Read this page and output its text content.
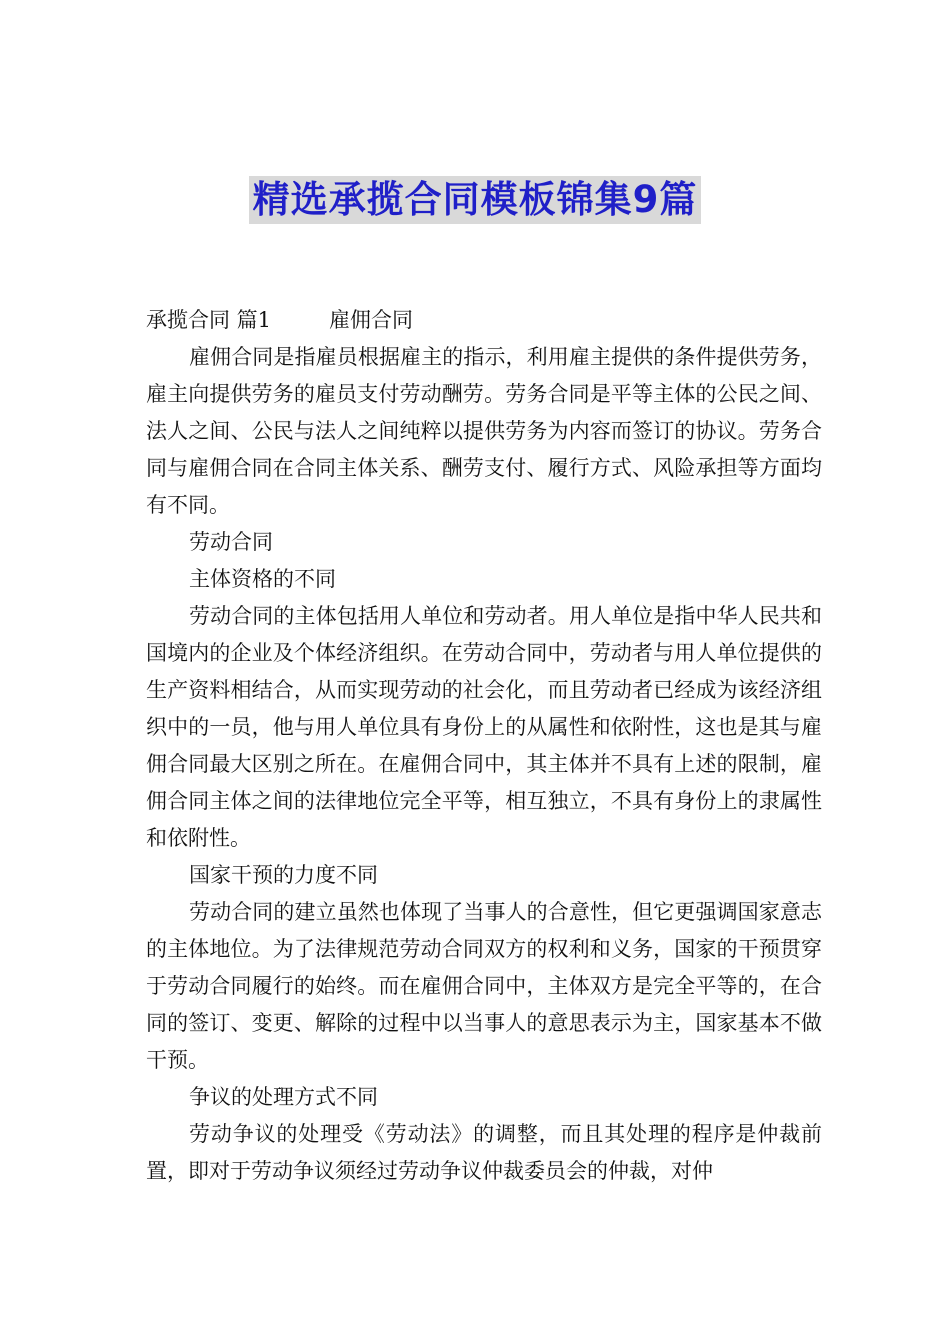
精选承揽合同模板锦集9篇

承揽合同 篇1	雇佣合同

雇佣合同是指雇员根据雇主的指示，利用雇主提供的条件提供劳务，雇主向提供劳务的雇员支付劳动酬劳。劳务合同是平等主体的公民之间、法人之间、公民与法人之间纯粹以提供劳务为内容而签订的协议。劳务合同与雇佣合同在合同主体关系、酬劳支付、履行方式、风险承担等方面均有不同。

劳动合同

主体资格的不同

劳动合同的主体包括用人单位和劳动者。用人单位是指中华人民共和国境内的企业及个体经济组织。在劳动合同中，劳动者与用人单位提供的生产资料相结合，从而实现劳动的社会化，而且劳动者已经成为该经济组织中的一员，他与用人单位具有身份上的从属性和依附性，这也是其与雇佣合同最大区别之所在。在雇佣合同中，其主体并不具有上述的限制，雇佣合同主体之间的法律地位完全平等，相互独立，不具有身份上的隶属性和依附性。

国家干预的力度不同

劳动合同的建立虽然也体现了当事人的合意性，但它更强调国家意志的主体地位。为了法律规范劳动合同双方的权利和义务，国家的干预贯穿于劳动合同履行的始终。而在雇佣合同中，主体双方是完全平等的，在合同的签订、变更、解除的过程中以当事人的意思表示为主，国家基本不做干预。

争议的处理方式不同

劳动争议的处理受《劳动法》的调整，而且其处理的程序是仲裁前置，即对于劳动争议须经过劳动争议仲裁委员会的仲裁，对仲
